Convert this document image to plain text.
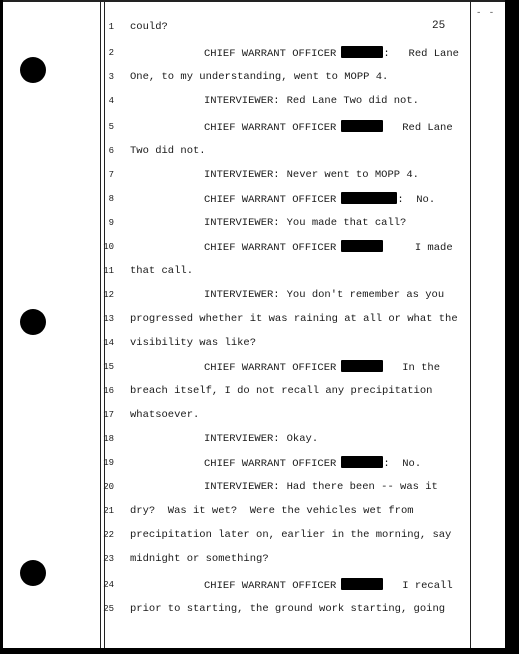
- -
25
1 could?
2	CHIEF WARRANT OFFICER	:   Red Lane
3 One, to my understanding, went to MOPP 4.
4	INTERVIEWER: Red Lane Two did not.
5	CHIEF WARRANT OFFICER	Red Lane
6 Two did not.
7	INTERVIEWER: Never went to MOPP 4.
8	CHIEF WARRANT OFFICER	:  No.
9	INTERVIEWER: You made that call?
10	CHIEF WARRANT OFFICER	I made
11 that call.
12	INTERVIEWER: You don't remember as you
13 progressed whether it was raining at all or what the
14 visibility was like?
15	CHIEF WARRANT OFFICER	In the
16 breach itself, I do not recall any precipitation
17 whatsoever.
18	INTERVIEWER: Okay.
19	CHIEF WARRANT OFFICER	:  No.
20	INTERVIEWER: Had there been -- was it
21 dry?  Was it wet?  Were the vehicles wet from
22 precipitation later on, earlier in the morning, say
23 midnight or something?
24	CHIEF WARRANT OFFICER	I recall
25 prior to starting, the ground work starting, going
